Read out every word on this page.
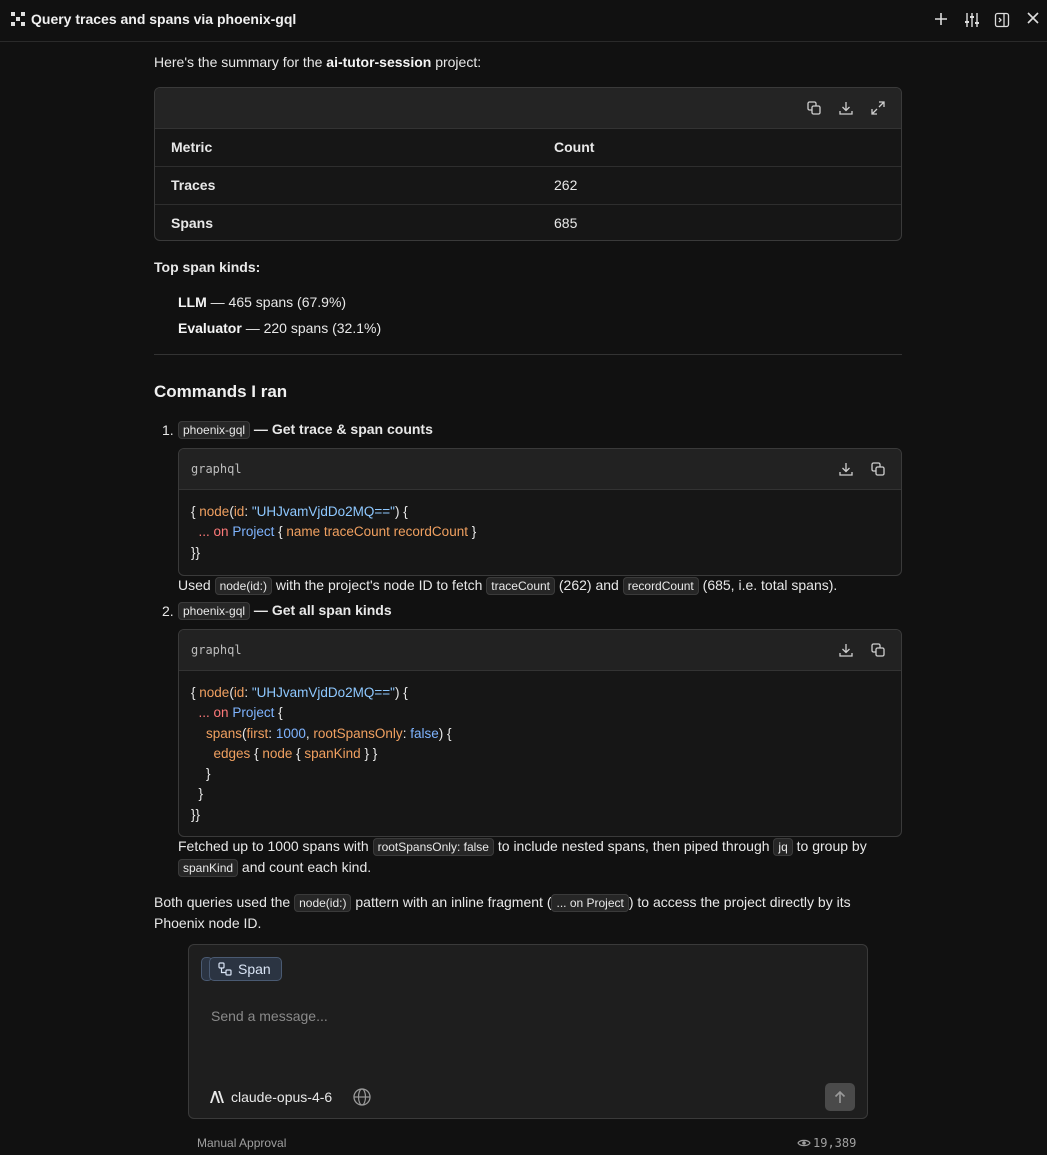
Query traces and spans via phoenix-gql

Here's the summary for the ai-tutor-session project:

Metric	Count
Traces	262
Spans	685

Top span kinds:

LLM — 465 spans (67.9%)

Evaluator — 220 spans (32.1%)

Commands I ran

1. phoenix-gql — Get trace & span counts

graphql
{ node(id: "UHJvamVjdDo2MQ==") {
... on Project { name traceCount recordCount }
}}

Used node(id:) with the project's node ID to fetch traceCount (262) and recordCount (685, i.e. total spans).

2. phoenix-gql — Get all span kinds

graphql
{ node(id: "UHJvamVjdDo2MQ==") {
... on Project {
spans(first: 1000, rootSpansOnly: false) {
edges { node { spanKind } }
}
}
}}

Fetched up to 1000 spans with rootSpansOnly: false to include nested spans, then piped through jq to group by spanKind and count each kind.

Both queries used the node(id:) pattern with an inline fragment ( ... on Project ) to access the project directly by its Phoenix node ID.

Span
Send a message...
claude-opus-4-6
Manual Approval	19,389
